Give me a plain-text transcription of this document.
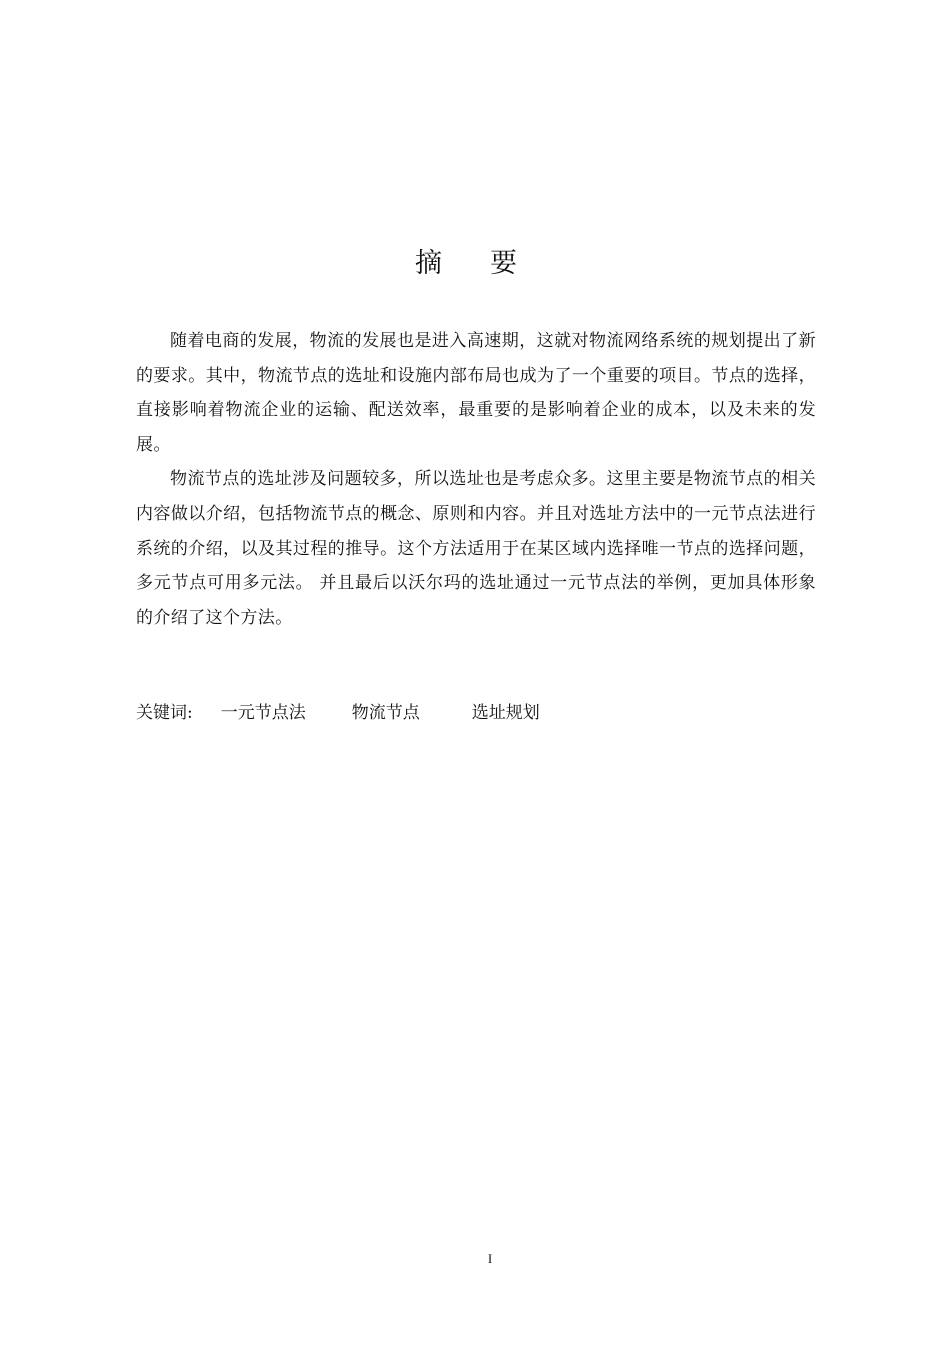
摘要

随着电商的发展，物流的发展也是进入高速期，这就对物流网络系统的规划提出了新的要求。其中，物流节点的选址和设施内部布局也成为了一个重要的项目。节点的选择，直接影响着物流企业的运输、配送效率，最重要的是影响着企业的成本，以及未来的发展。

物流节点的选址涉及问题较多，所以选址也是考虑众多。这里主要是物流节点的相关内容做以介绍，包括物流节点的概念、原则和内容。并且对选址方法中的一元节点法进行系统的介绍，以及其过程的推导。这个方法适用于在某区域内选择唯一节点的选择问题，多元节点可用多元法。 并且最后以沃尔玛的选址通过一元节点法的举例，更加具体形象的介绍了这个方法。

关键词: 一元节点法	物流节点	选址规划
I
